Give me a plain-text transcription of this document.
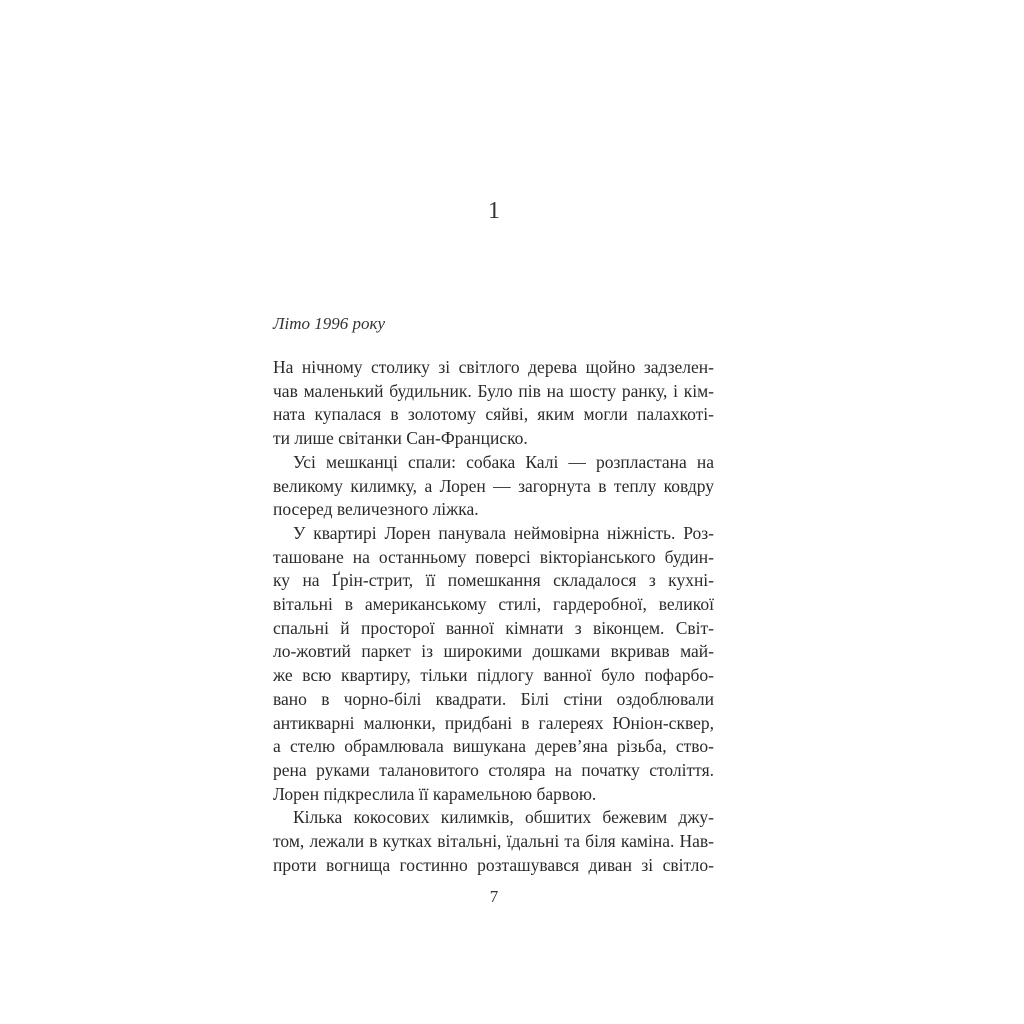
1
Літо 1996 року
На нічному столику зі світлого дерева щойно задзелен-
чав маленький будильник. Було пів на шосту ранку, і кім-
ната купалася в золотому сяйві, яким могли палахкоті-
ти лише світанки Сан-Франциско.
Усі мешканці спали: собака Калі — розпластана на
великому килимку, а Лорен — загорнута в теплу ковдру
посеред величезного ліжка.
У квартирі Лорен панувала неймовірна ніжність. Роз-
ташоване на останньому поверсі вікторіанського будин-
ку на Ґрін-стрит, її помешкання складалося з кухні-
вітальні в американському стилі, гардеробної, великої
спальні й просторої ванної кімнати з віконцем. Світ-
ло-жовтий паркет із широкими дошками вкривав май-
же всю квартиру, тільки підлогу ванної було пофарбо-
вано в чорно-білі квадрати. Білі стіни оздоблювали
антикварні малюнки, придбані в галереях Юніон-сквер,
а стелю обрамлювала вишукана дерев’яна різьба, ство-
рена руками талановитого столяра на початку століття.
Лорен підкреслила її карамельною барвою.
Кілька кокосових килимків, обшитих бежевим джу-
том, лежали в кутках вітальні, їдальні та біля каміна. Нав-
проти вогнища гостинно розташувався диван зі світло-
7
